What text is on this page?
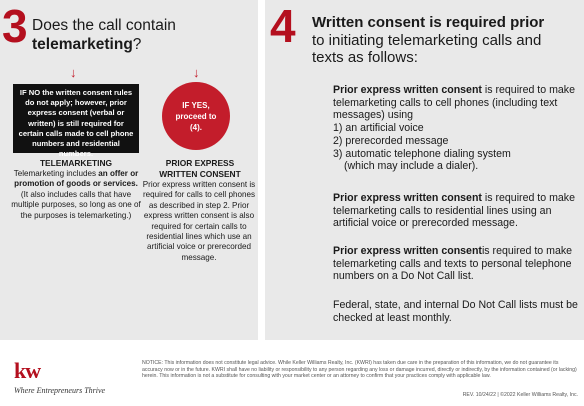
3 Does the call contain
telemarketing?
↓	↓
IF NO the written consent rules do not apply; however, prior express consent (verbal or written) is still required for certain calls made to cell phone numbers and residential numbers.
IF YES, proceed to (4).
TELEMARKETING
Telemarketing includes an offer or promotion of goods or services.
(It also includes calls that have multiple purposes, so long as one of the purposes is telemarketing.)
PRIOR EXPRESS
WRITTEN CONSENT
Prior express written consent is required for calls to cell phones as described in step 2. Prior express written consent is also required for certain calls to residential lines which use an artificial voice or prerecorded message.
4 Written consent is required prior
to initiating telemarketing calls and texts as follows:
Prior express written consent is required to make telemarketing calls to cell phones (including text messages) using
1) an artificial voice
2) prerecorded message
3) automatic telephone dialing system
(which may include a dialer).
Prior express written consent is required to make telemarketing calls to residential lines using an artificial voice or prerecorded message.
Prior express written consentis required to make telemarketing calls and texts to personal telephone numbers on a Do Not Call list.
Federal, state, and internal Do Not Call lists must be checked at least monthly.
kw
Where Entrepreneurs Thrive
NOTICE: This information does not constitute legal advice. While Keller Williams Realty, Inc. (KWRI) has taken due care in the preparation of this information, we do not guarantee its accuracy now or in the future. KWRI shall have no liability or responsibility to any person regarding any loss or damage incurred, directly or indirectly, by the information contained (or lacking) herein. This information is not a substitute for consulting with your market center or an attorney to confirm that your practices comply with applicable law.
REV. 10/24/22 | ©2022 Keller Williams Realty, Inc.
